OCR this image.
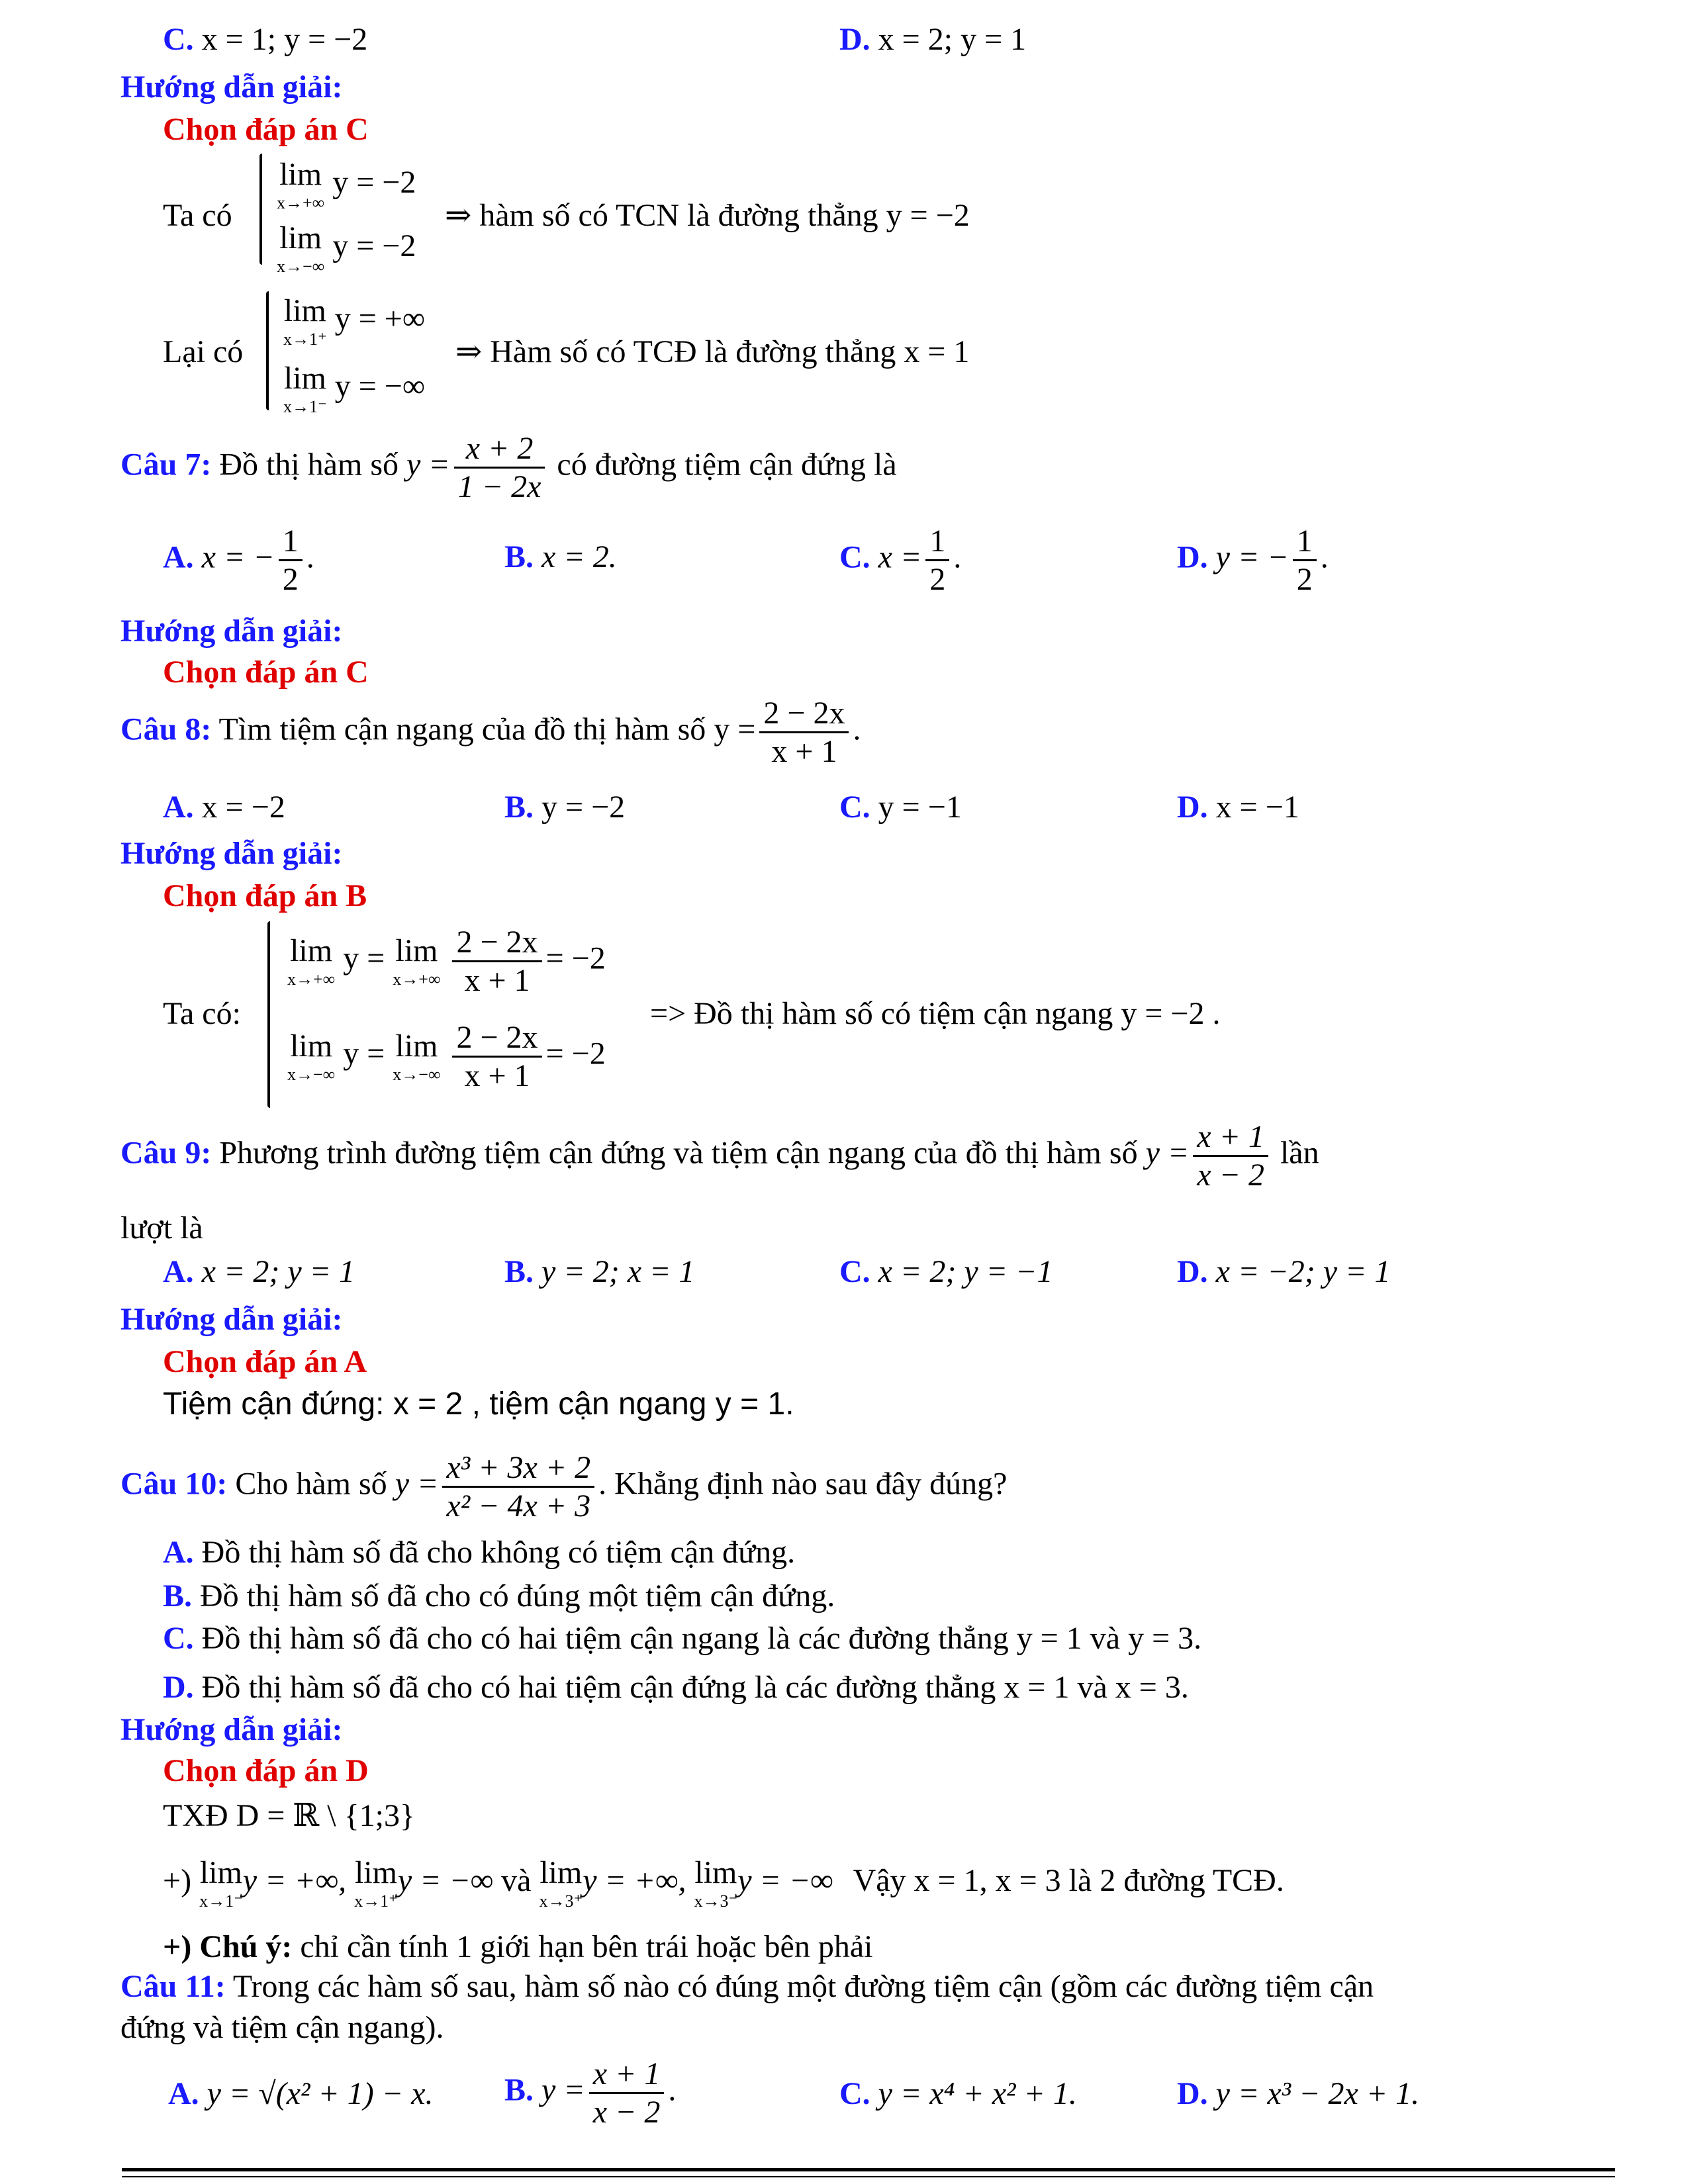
C. x = 1; y = −2	D. x = 2; y = 1
Hướng dẫn giải:
Chọn đáp án C
Ta có
lim
x→+∞
y = −2
lim
x→−∞
y = −2
⇒ hàm số có TCN là đường thẳng y = −2
Lại có
lim
x→1⁺
y = +∞
lim
x→1⁻
y = −∞
⇒ Hàm số có TCĐ là đường thẳng x = 1
Câu 7: Đồ thị hàm số $y = \frac{x + 2}{1 - 2x}$ có đường tiệm cận đứng là
A. x = − $\frac{1}{2}$ .	B. x = 2.	C. $x = \frac{1}{2}$ .	D. y = − $\frac{1}{2}$ .
Hướng dẫn giải:
Chọn đáp án C
Câu 8: Tìm tiệm cận ngang của đồ thị hàm số $y = \frac{2 - 2x}{x + 1}$ .
A. x = −2	B. y = −2	C. y = −1	D. x = −1
Hướng dẫn giải:
Chọn đáp án B
Ta có:
lim
x→+∞
y = lim
x→+∞
$\frac{2 - 2x}{x + 1} = -2$
lim
x→−∞
y = lim
x→−∞
$\frac{2 - 2x}{x + 1} = -2$
=> Đồ thị hàm số có tiệm cận ngang y = −2 .
Câu 9: Phương trình đường tiệm cận đứng và tiệm cận ngang của đồ thị hàm số $y = \frac{x + 1}{x - 2}$ lần
lượt là
A. x = 2; y = 1	B. y = 2; x = 1	C. x = 2; y = −1	D. x = −2; y = 1
Hướng dẫn giải:
Chọn đáp án A
Tiệm cận đứng: x = 2 , tiệm cận ngang y = 1.
Câu 10: Cho hàm số $y = \frac{\text{x³ + 3x + 2}}{\text{x² − 4x + 3}}$ . Khẳng định nào sau đây đúng?
A. Đồ thị hàm số đã cho không có tiệm cận đứng.
B. Đồ thị hàm số đã cho có đúng một tiệm cận đứng.
C. Đồ thị hàm số đã cho có hai tiệm cận ngang là các đường thẳng y = 1 và y = 3.
D. Đồ thị hàm số đã cho có hai tiệm cận đứng là các đường thẳng x = 1 và x = 3.
Hướng dẫn giải:
Chọn đáp án D
TXĐ D = ℝ \ {1;3}
+) lim
x→1⁻
y = +∞, lim
x→1⁺
y = −∞ và lim
x→3⁺
y = +∞, lim
x→3⁻
y = −∞ Vậy x = 1, x = 3 là 2 đường TCĐ.
+) Chú ý: chỉ cần tính 1 giới hạn bên trái hoặc bên phải
Câu 11: Trong các hàm số sau, hàm số nào có đúng một đường tiệm cận (gồm các đường tiệm cận
đứng và tiệm cận ngang).
A. y = √(x² + 1) − x. B. $y = \frac{x + 1}{x - 2}$ .	C. y = x⁴ + x² + 1.	D. y = x³ − 2x + 1.
